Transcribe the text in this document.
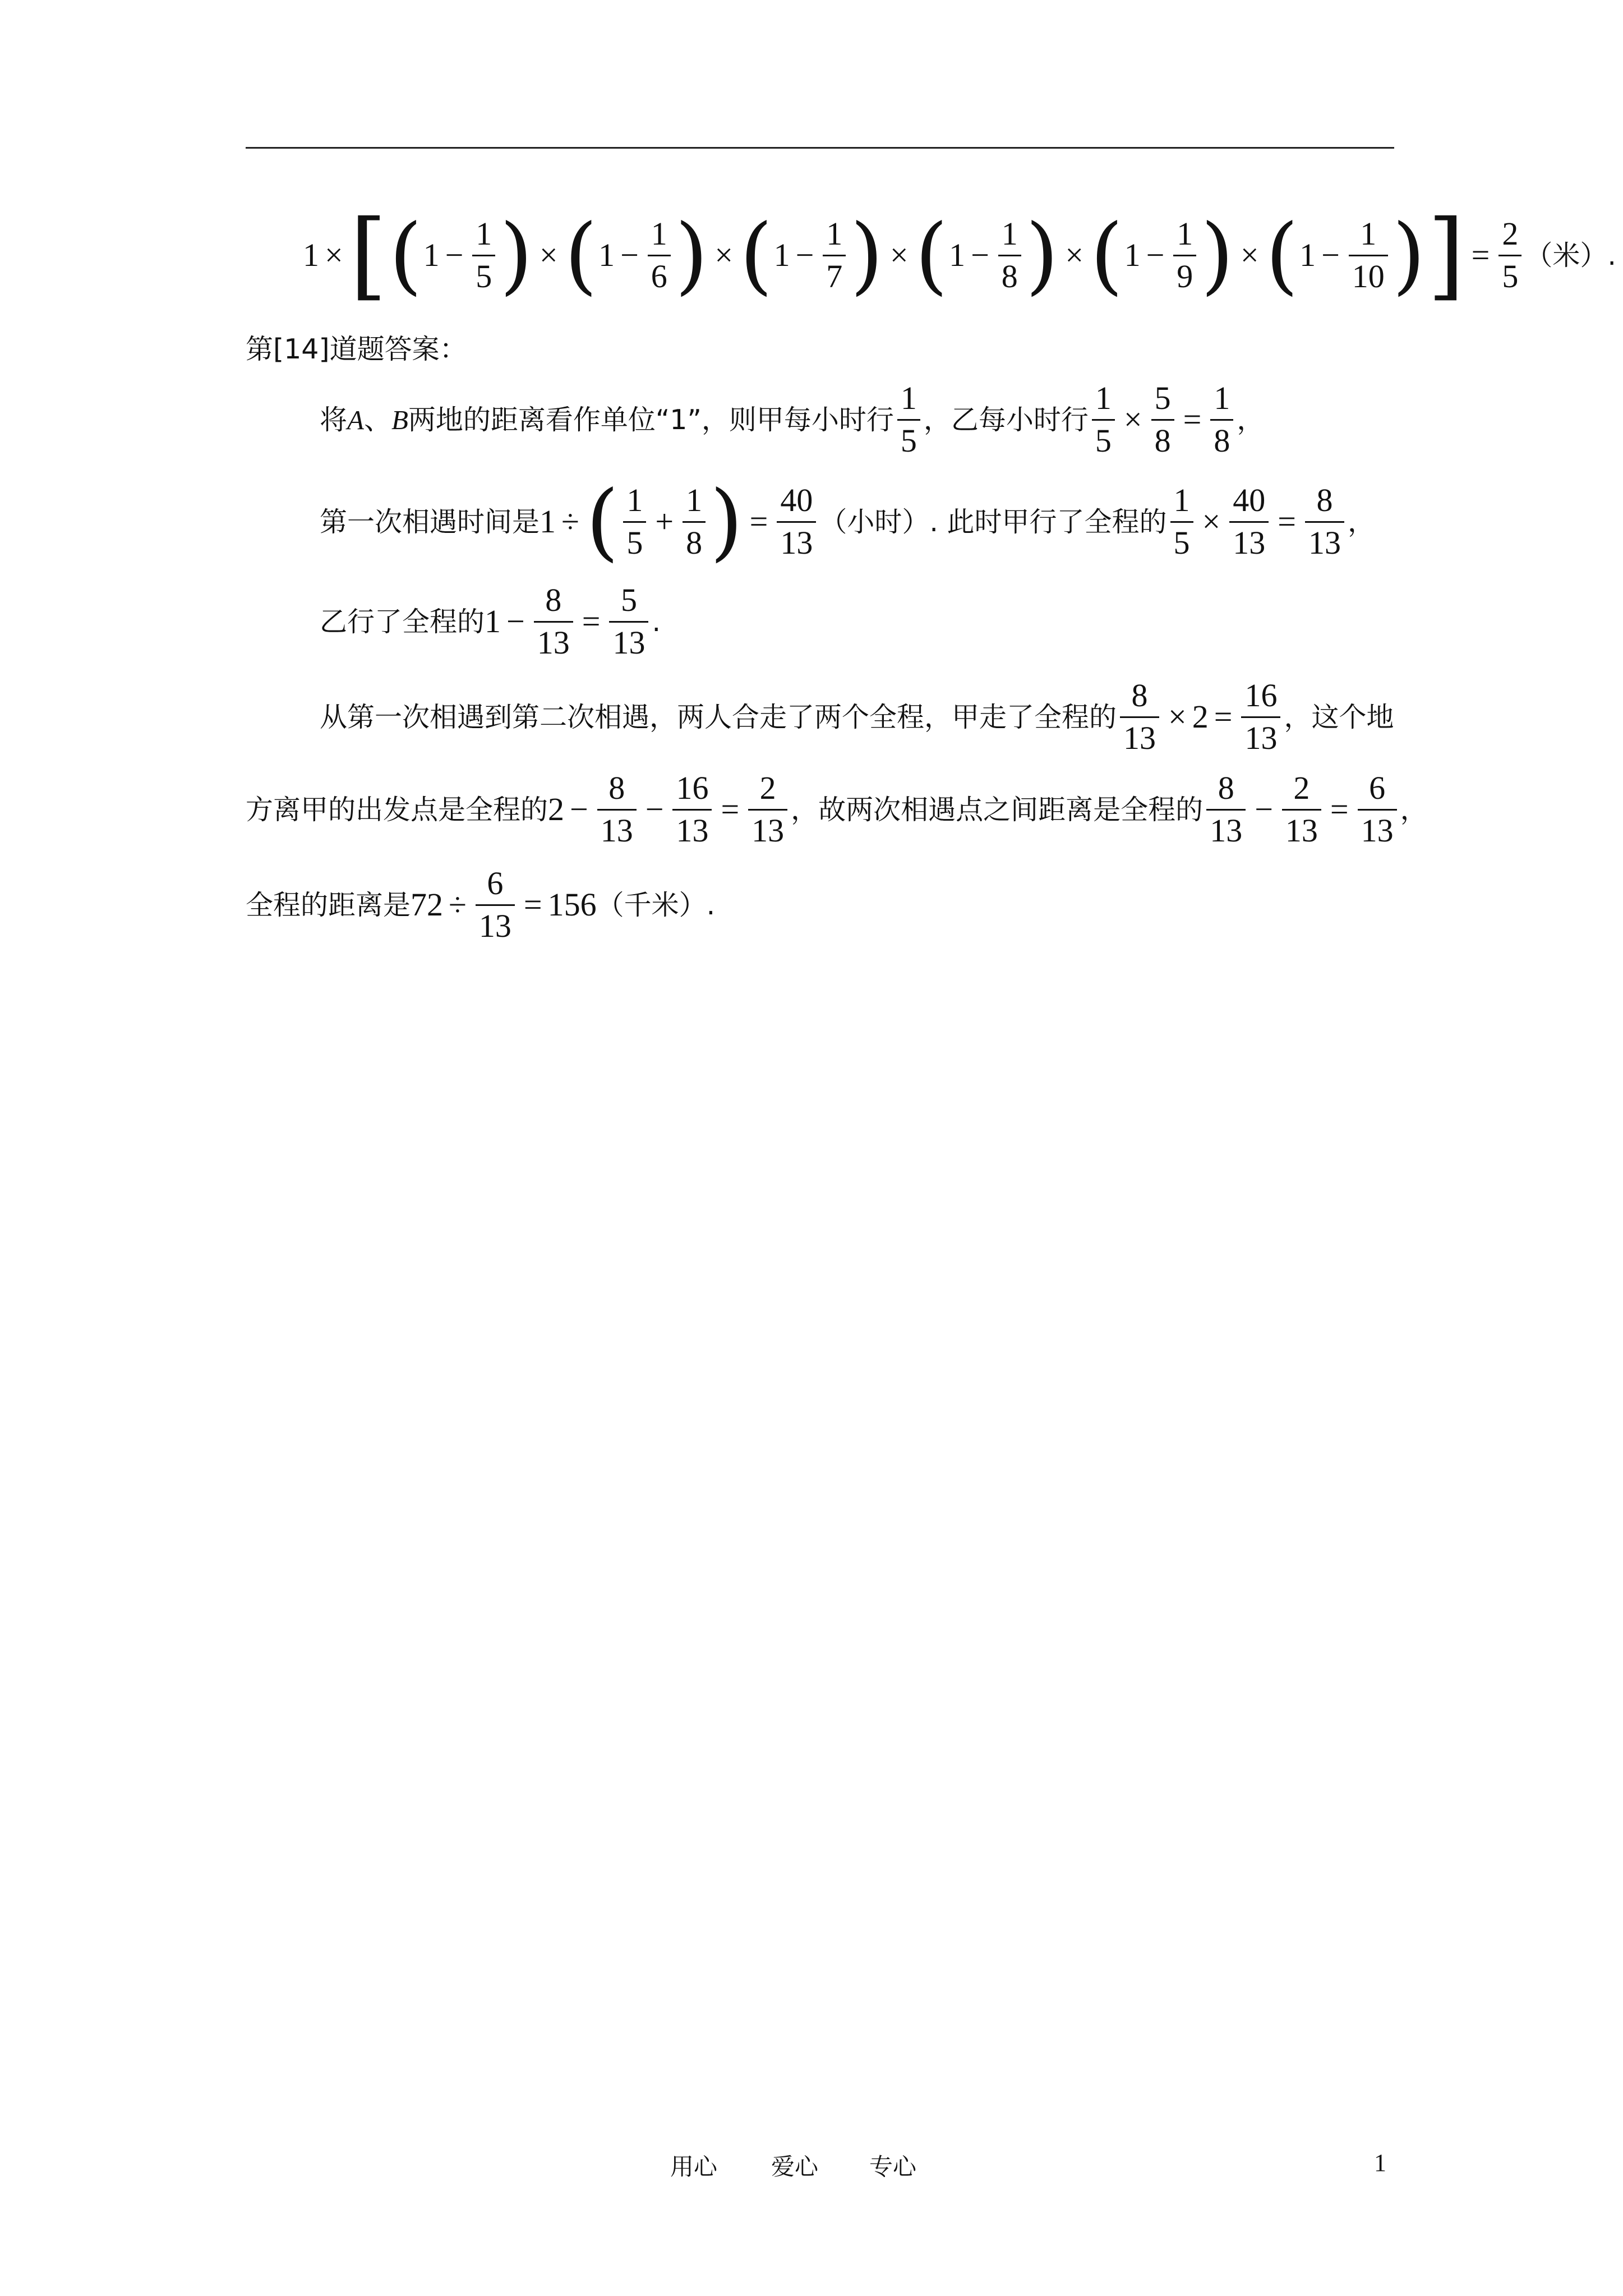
1 × [ ( $1 - \frac{1}{5}$ ) × ( $1 - \frac{1}{6}$ ) × ( $1 - \frac{1}{7}$ ) × ( $1 - \frac{1}{8}$ ) × ( $1 - \frac{1}{9}$ ) × ( $1 - \frac{1}{10}$ ) ] = $\frac{2}{5}$ （米）.
第[14]道题答案：
将 A 、 B 两地的距离看作单位“1”，则甲每小时行 $\frac{1}{5}$ ，乙每小时行 $\frac{1}{5} \times \frac{5}{8} = \frac{1}{8}$ ，
第一次相遇时间是 1 ÷ ( $\frac{1}{5} + \frac{1}{8}$ ) = $\frac{40}{13}$ （小时）. 此时甲行了全程的 $\frac{1}{5} \times \frac{40}{13} = \frac{8}{13}$ ，
乙行了全程的 $1 - \frac{8}{13} = \frac{5}{13}$ .
从第一次相遇到第二次相遇，两人合走了两个全程，甲走了全程的 $\frac{8}{13} \times 2 = \frac{16}{13}$ ，这个地
方离甲的出发点是全程的 $2 - \frac{8}{13} - \frac{16}{13} = \frac{2}{13}$ ，故两次相遇点之间距离是全程的 $\frac{8}{13} - \frac{2}{13} = \frac{6}{13}$ ，
全程的距离是 $72 \div \frac{6}{13} = 156$ （千米）.
用心 爱心 专心	1
